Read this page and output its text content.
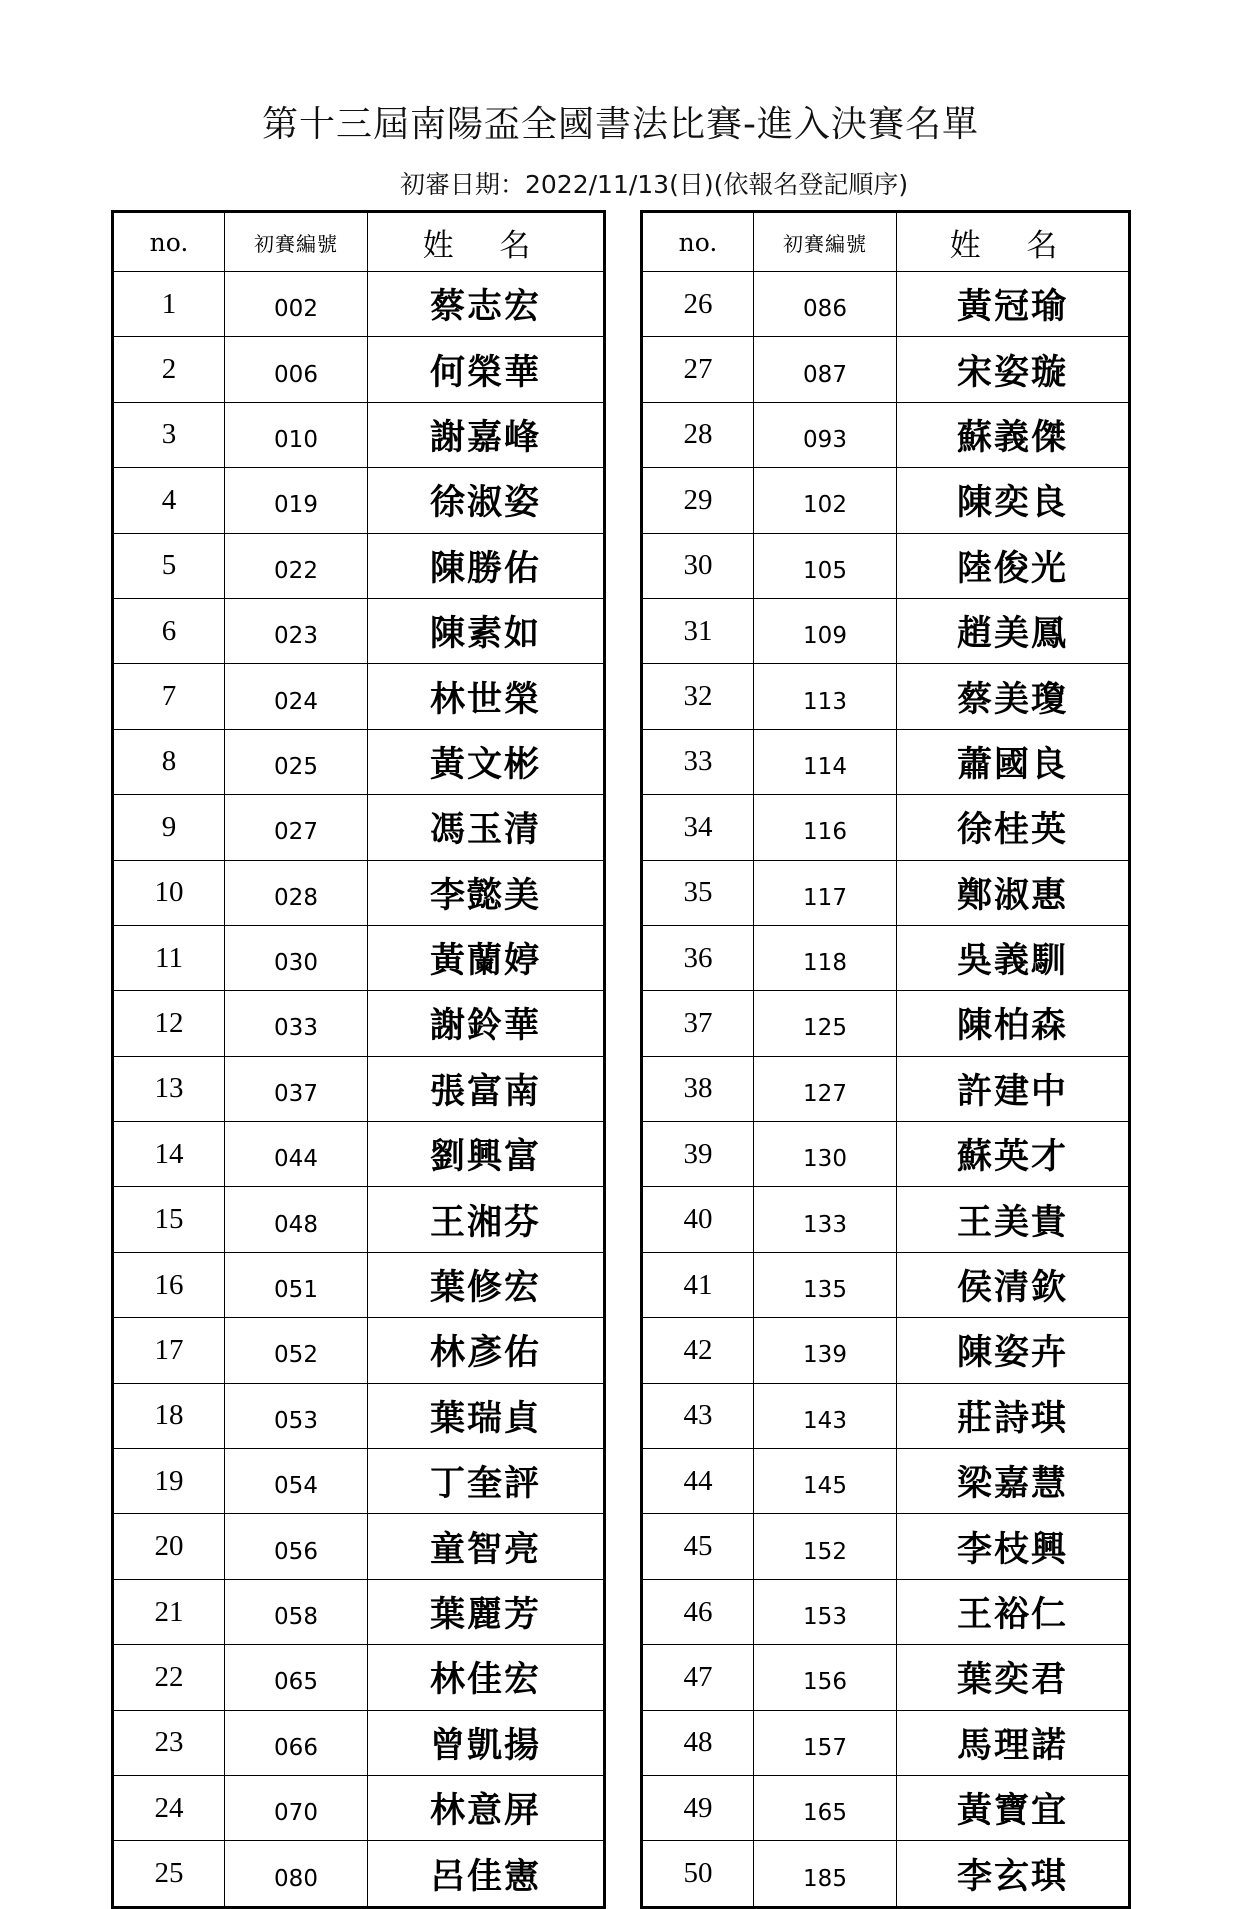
第十三屆南陽盃全國書法比賽-進入決賽名單
初審日期：2022/11/13(日)(依報名登記順序)
no.	初賽編號	姓 名
1	002	蔡志宏
2	006	何榮華
3	010	謝嘉峰
4	019	徐淑姿
5	022	陳勝佑
6	023	陳素如
7	024	林世榮
8	025	黃文彬
9	027	馮玉清
10	028	李懿美
11	030	黃蘭婷
12	033	謝鈴華
13	037	張富南
14	044	劉興富
15	048	王湘芬
16	051	葉修宏
17	052	林彥佑
18	053	葉瑞貞
19	054	丁奎評
20	056	童智亮
21	058	葉麗芳
22	065	林佳宏
23	066	曾凱揚
24	070	林意屏
25	080	呂佳憲
no.	初賽編號	姓 名
26	086	黃冠瑜
27	087	宋姿璇
28	093	蘇義傑
29	102	陳奕良
30	105	陸俊光
31	109	趙美鳳
32	113	蔡美瓊
33	114	蕭國良
34	116	徐桂英
35	117	鄭淑惠
36	118	吳義馴
37	125	陳柏森
38	127	許建中
39	130	蘇英才
40	133	王美貴
41	135	侯清欽
42	139	陳姿卉
43	143	莊詩琪
44	145	梁嘉慧
45	152	李枝興
46	153	王裕仁
47	156	葉奕君
48	157	馬理諾
49	165	黃寶宜
50	185	李玄琪
